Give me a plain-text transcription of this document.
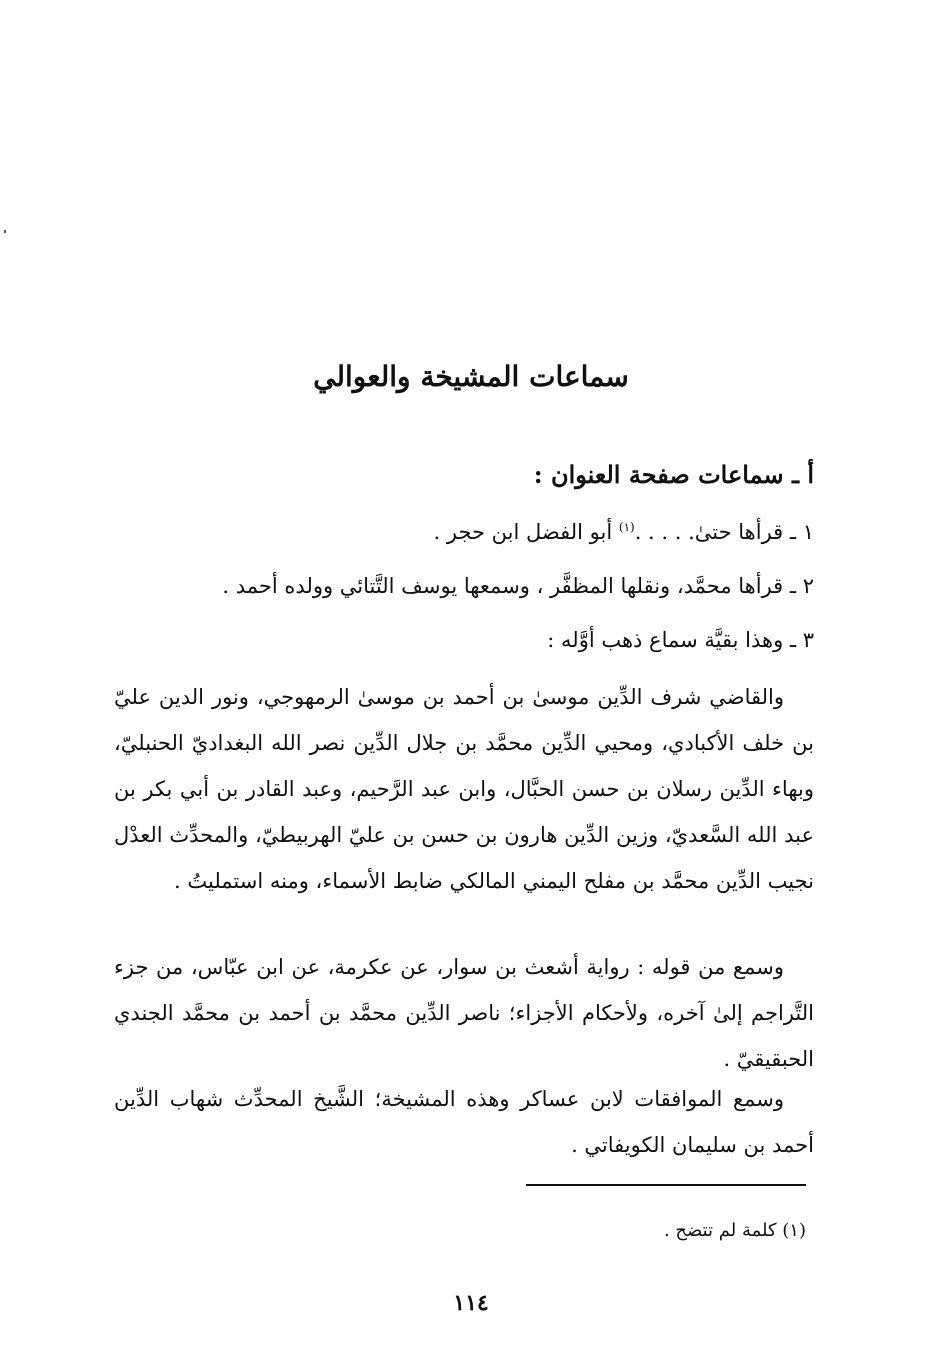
سماعات المشيخة والعوالي
أ ـ سماعات صفحة العنوان :

١ ـ قرأها حتىٰ. . . . .$^{(١)}$ أبو الفضل ابن حجر .

٢ ـ قرأها محمَّد، ونقلها المظفَّر ، وسمعها يوسف التَّتائي وولده أحمد .

٣ ـ وهذا بقيَّة سماع ذهب أوَّله :

والقاضي شرف الدِّين موسىٰ بن أحمد بن موسىٰ الرمهوجي، ونور الدين عليّ بن خلف الأكبادي، ومحيي الدِّين محمَّد بن جلال الدِّين نصر الله البغداديّ الحنبليّ، وبهاء الدِّين رسلان بن حسن الحبَّال، وابن عبد الرَّحيم، وعبد القادر بن أبي بكر بن عبد الله السَّعديّ، وزين الدِّين هارون بن حسن بن عليّ الهربيطيّ، والمحدِّث العدْل نجيب الدِّين محمَّد بن مفلح اليمني المالكي ضابط الأسماء، ومنه استمليتُ .

وسمع من قوله : رواية أشعث بن سوار، عن عكرمة، عن ابن عبّاس، من جزء التَّراجم إلىٰ آخره، ولأحكام الأجزاء؛ ناصر الدِّين محمَّد بن أحمد بن محمَّد الجندي الحبقيقيّ .

وسمع الموافقات لابن عساكر وهذه المشيخة؛ الشَّيخ المحدِّث شهاب الدِّين أحمد بن سليمان الكويفاتي .

(١) كلمة لم تتضح .

١١٤
